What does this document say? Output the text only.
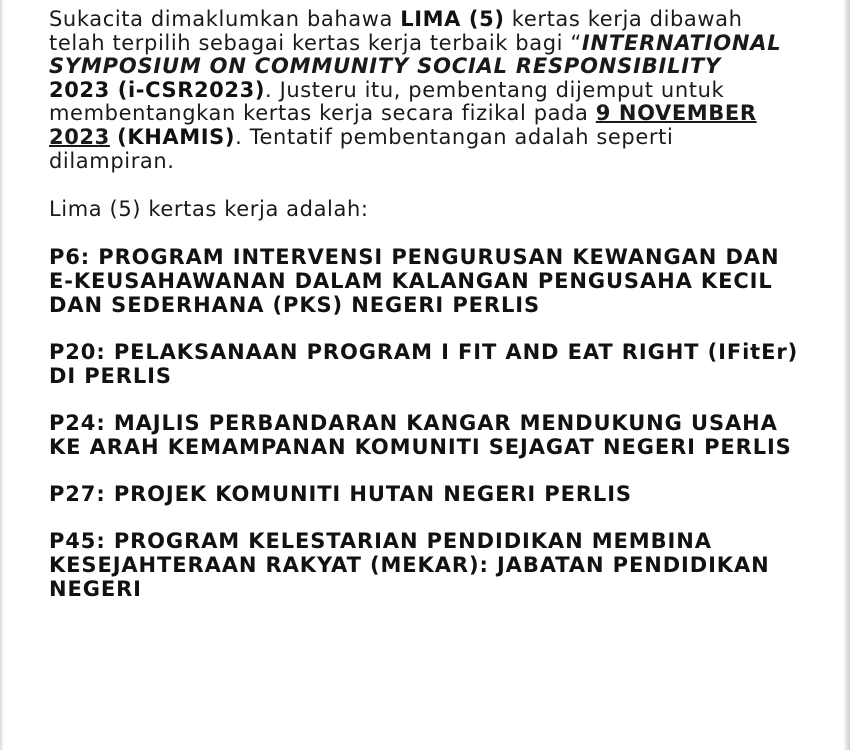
Sukacita dimaklumkan bahawa LIMA (5) kertas kerja dibawah telah terpilih sebagai kertas kerja terbaik bagi “INTERNATIONAL SYMPOSIUM ON COMMUNITY SOCIAL RESPONSIBILITY
2023 (i-CSR2023). Justeru itu, pembentang dijemput untuk membentangkan kertas kerja secara fizikal pada 9 NOVEMBER 2023 (KHAMIS). Tentatif pembentangan adalah seperti dilampiran.

Lima (5) kertas kerja adalah:

P6: PROGRAM INTERVENSI PENGURUSAN KEWANGAN DAN E-KEUSAHAWANAN DALAM KALANGAN PENGUSAHA KECIL DAN SEDERHANA (PKS) NEGERI PERLIS
P20: PELAKSANAAN PROGRAM I FIT AND EAT RIGHT (IFitEr) DI PERLIS
P24: MAJLIS PERBANDARAN KANGAR MENDUKUNG USAHA KE ARAH KEMAMPANAN KOMUNITI SEJAGAT NEGERI PERLIS
P27: PROJEK KOMUNITI HUTAN NEGERI PERLIS
P45: PROGRAM KELESTARIAN PENDIDIKAN MEMBINA KESEJAHTERAAN RAKYAT (MEKAR): JABATAN PENDIDIKAN NEGERI
